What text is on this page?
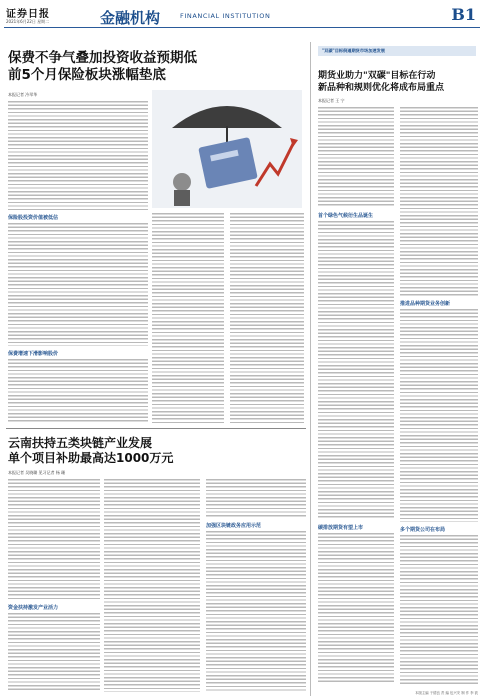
证券日报
2021年6月22日 星期二	金融机构	FINANCIAL INSTITUTION	B1
保费不争气叠加投资收益预期低
前5个月保险板块涨幅垫底
本报记者 冷翠华
保险股投资价值被低估
保费增速下滑影响股价
云南扶持五类块链产业发展
单个项目补助最高达1000万元
本报记者 吴晓璐 见习记者 杨 珊
资金扶持激发产业活力
加强区块链政务应用示范
"双碳"目标倒逼期货市场加速发展
期货业助力"双碳"目标在行动
新品种和规则优化将成布局重点
本报记者 王 宁
首个绿色气候衍生品诞生
碳排放期货有望上市
推进品种期货业务创新
多个期货公司在布局
本版主编 于德良 责 编 包兴安 制 作 李 波
